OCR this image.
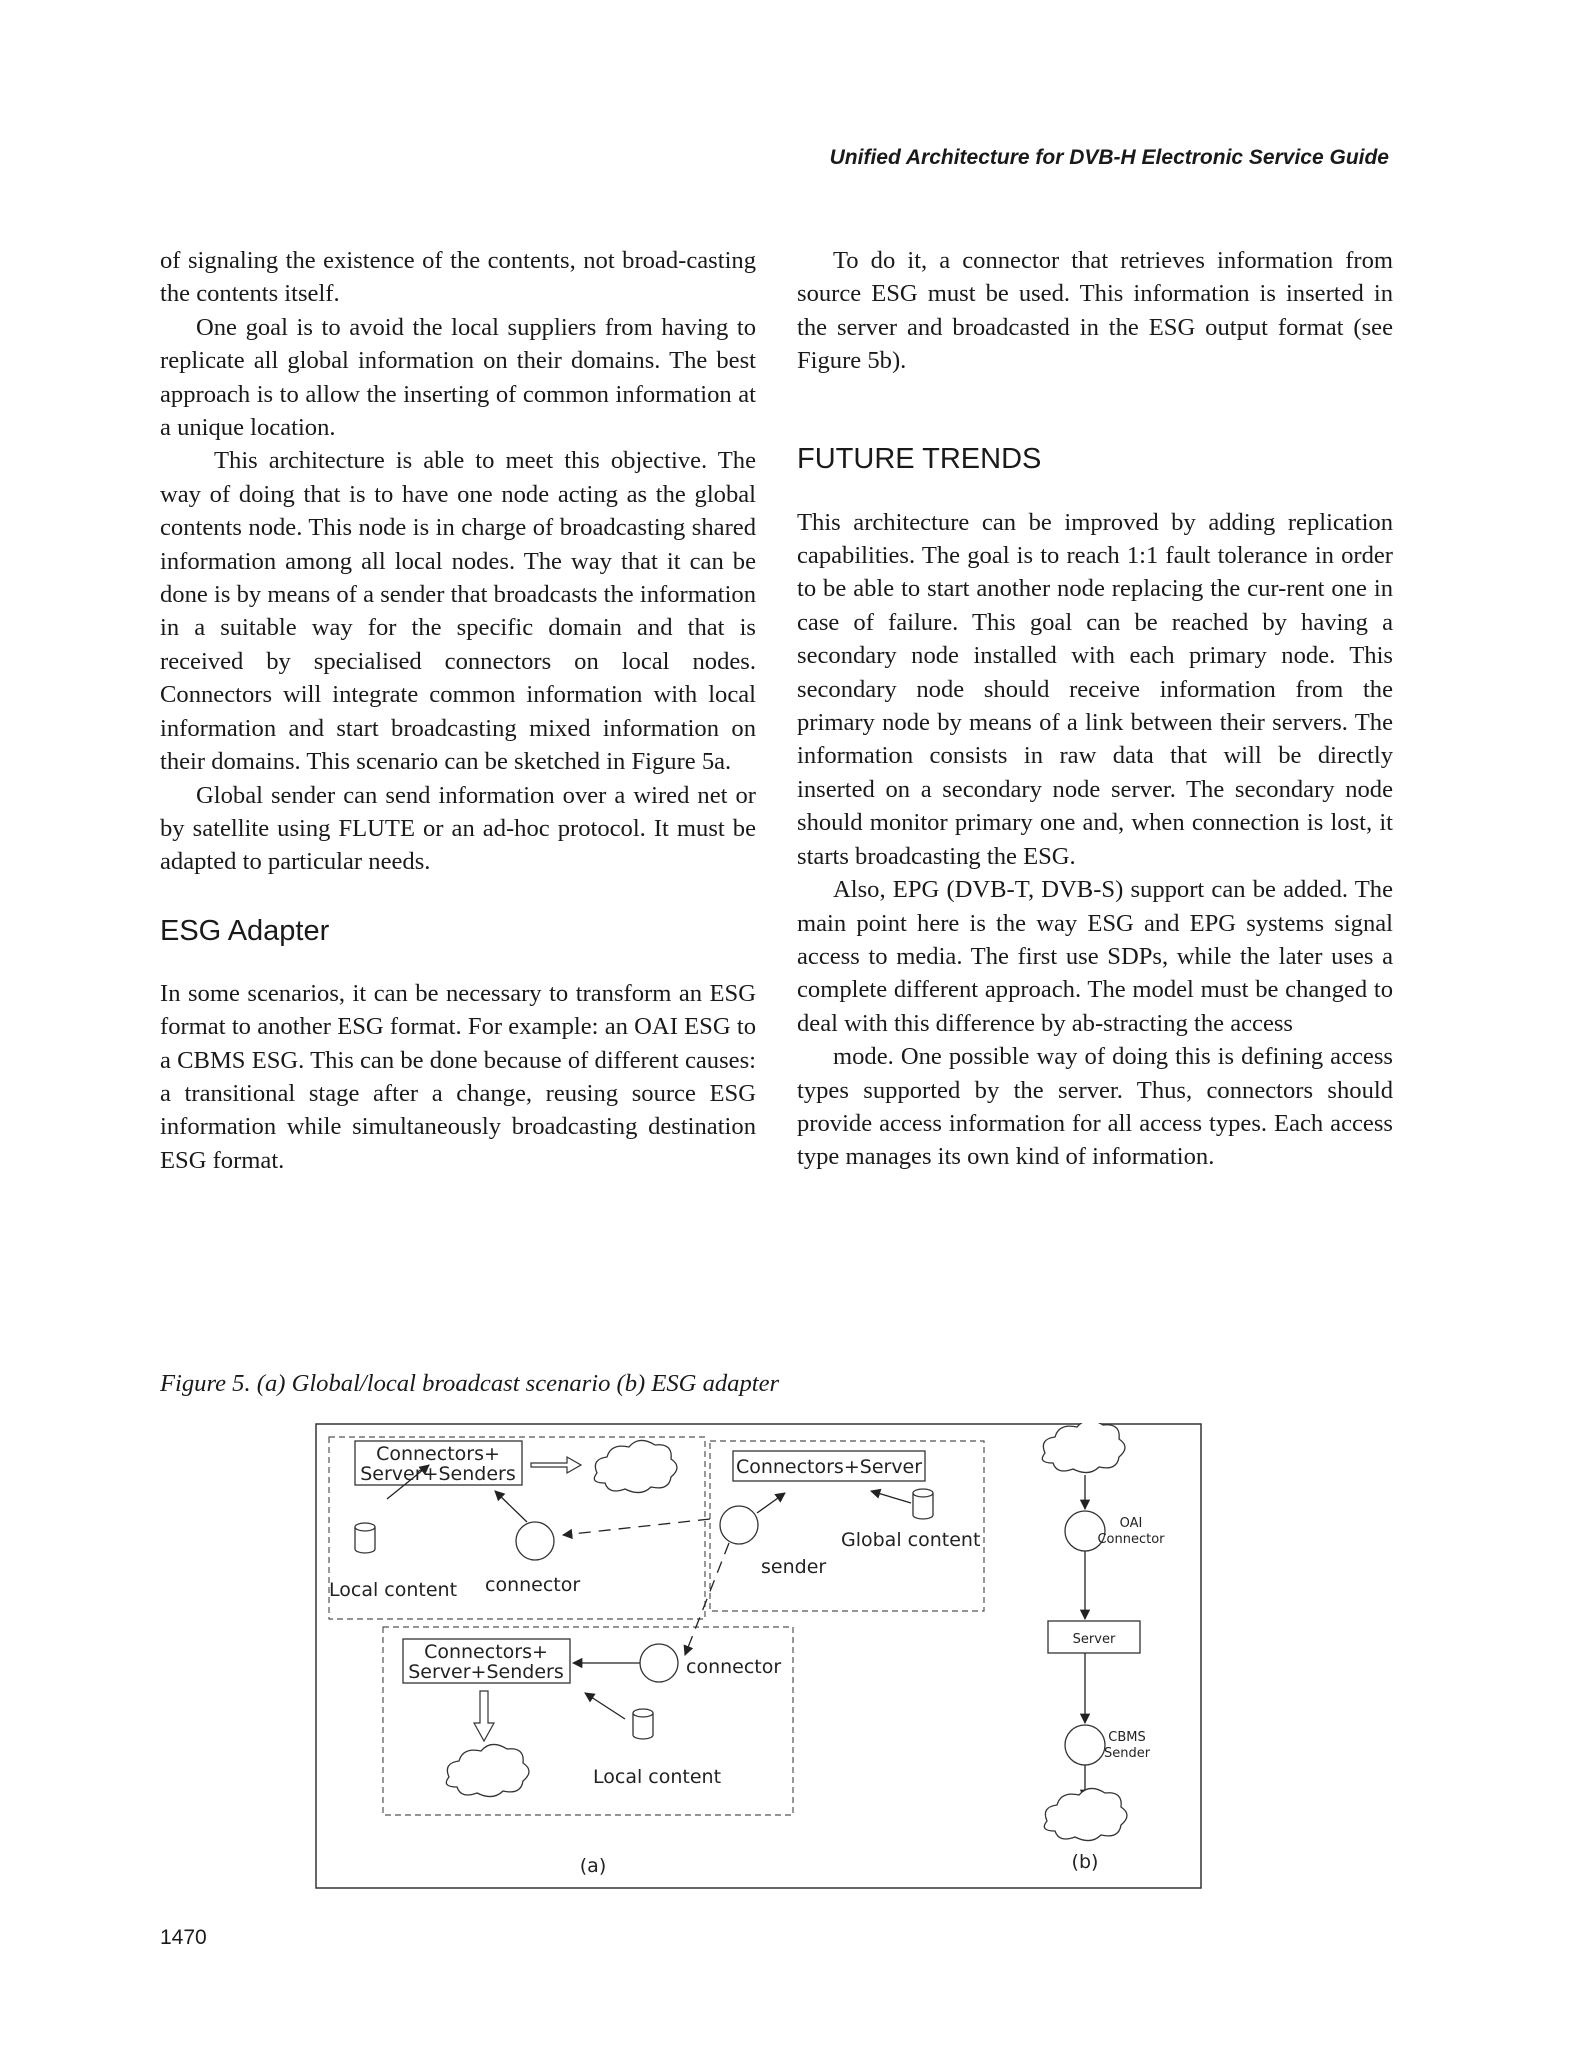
Unified Architecture for DVB-H Electronic Service Guide

of signaling the existence of the contents, not broad-casting the contents itself.

One goal is to avoid the local suppliers from having to replicate all global information on their domains. The best approach is to allow the inserting of common information at a unique location.

This architecture is able to meet this objective. The way of doing that is to have one node acting as the global contents node. This node is in charge of broadcasting shared information among all local nodes. The way that it can be done is by means of a sender that broadcasts the information in a suitable way for the specific domain and that is received by specialised connectors on local nodes. Connectors will integrate common information with local information and start broadcasting mixed information on their domains. This scenario can be sketched in Figure 5a.

Global sender can send information over a wired net or by satellite using FLUTE or an ad-hoc protocol. It must be adapted to particular needs.

ESG Adapter

In some scenarios, it can be necessary to transform an ESG format to another ESG format. For example: an OAI ESG to a CBMS ESG. This can be done because of different causes: a transitional stage after a change, reusing source ESG information while simultaneously broadcasting destination ESG format.

To do it, a connector that retrieves information from source ESG must be used. This information is inserted in the server and broadcasted in the ESG output format (see Figure 5b).

FUTURE TRENDS

This architecture can be improved by adding replication capabilities. The goal is to reach 1:1 fault tolerance in order to be able to start another node replacing the cur-rent one in case of failure. This goal can be reached by having a secondary node installed with each primary node. This secondary node should receive information from the primary node by means of a link between their servers. The information consists in raw data that will be directly inserted on a secondary node server. The secondary node should monitor primary one and, when connection is lost, it starts broadcasting the ESG.

Also, EPG (DVB-T, DVB-S) support can be added. The main point here is the way ESG and EPG systems signal access to media. The first use SDPs, while the later uses a complete different approach. The model must be changed to deal with this difference by ab-stracting the access

mode. One possible way of doing this is defining access types supported by the server. Thus, connectors should provide access information for all access types. Each access type manages its own kind of information.

Figure 5. (a) Global/local broadcast scenario (b) ESG adapter
Connectors+
Server+Senders
Local content connector
Connectors+Server
sender
Global content
Connectors+
Server+Senders	connector
Local content
(a)
OAI
Connector
Server
CBMS
Sender
(b)
1470
